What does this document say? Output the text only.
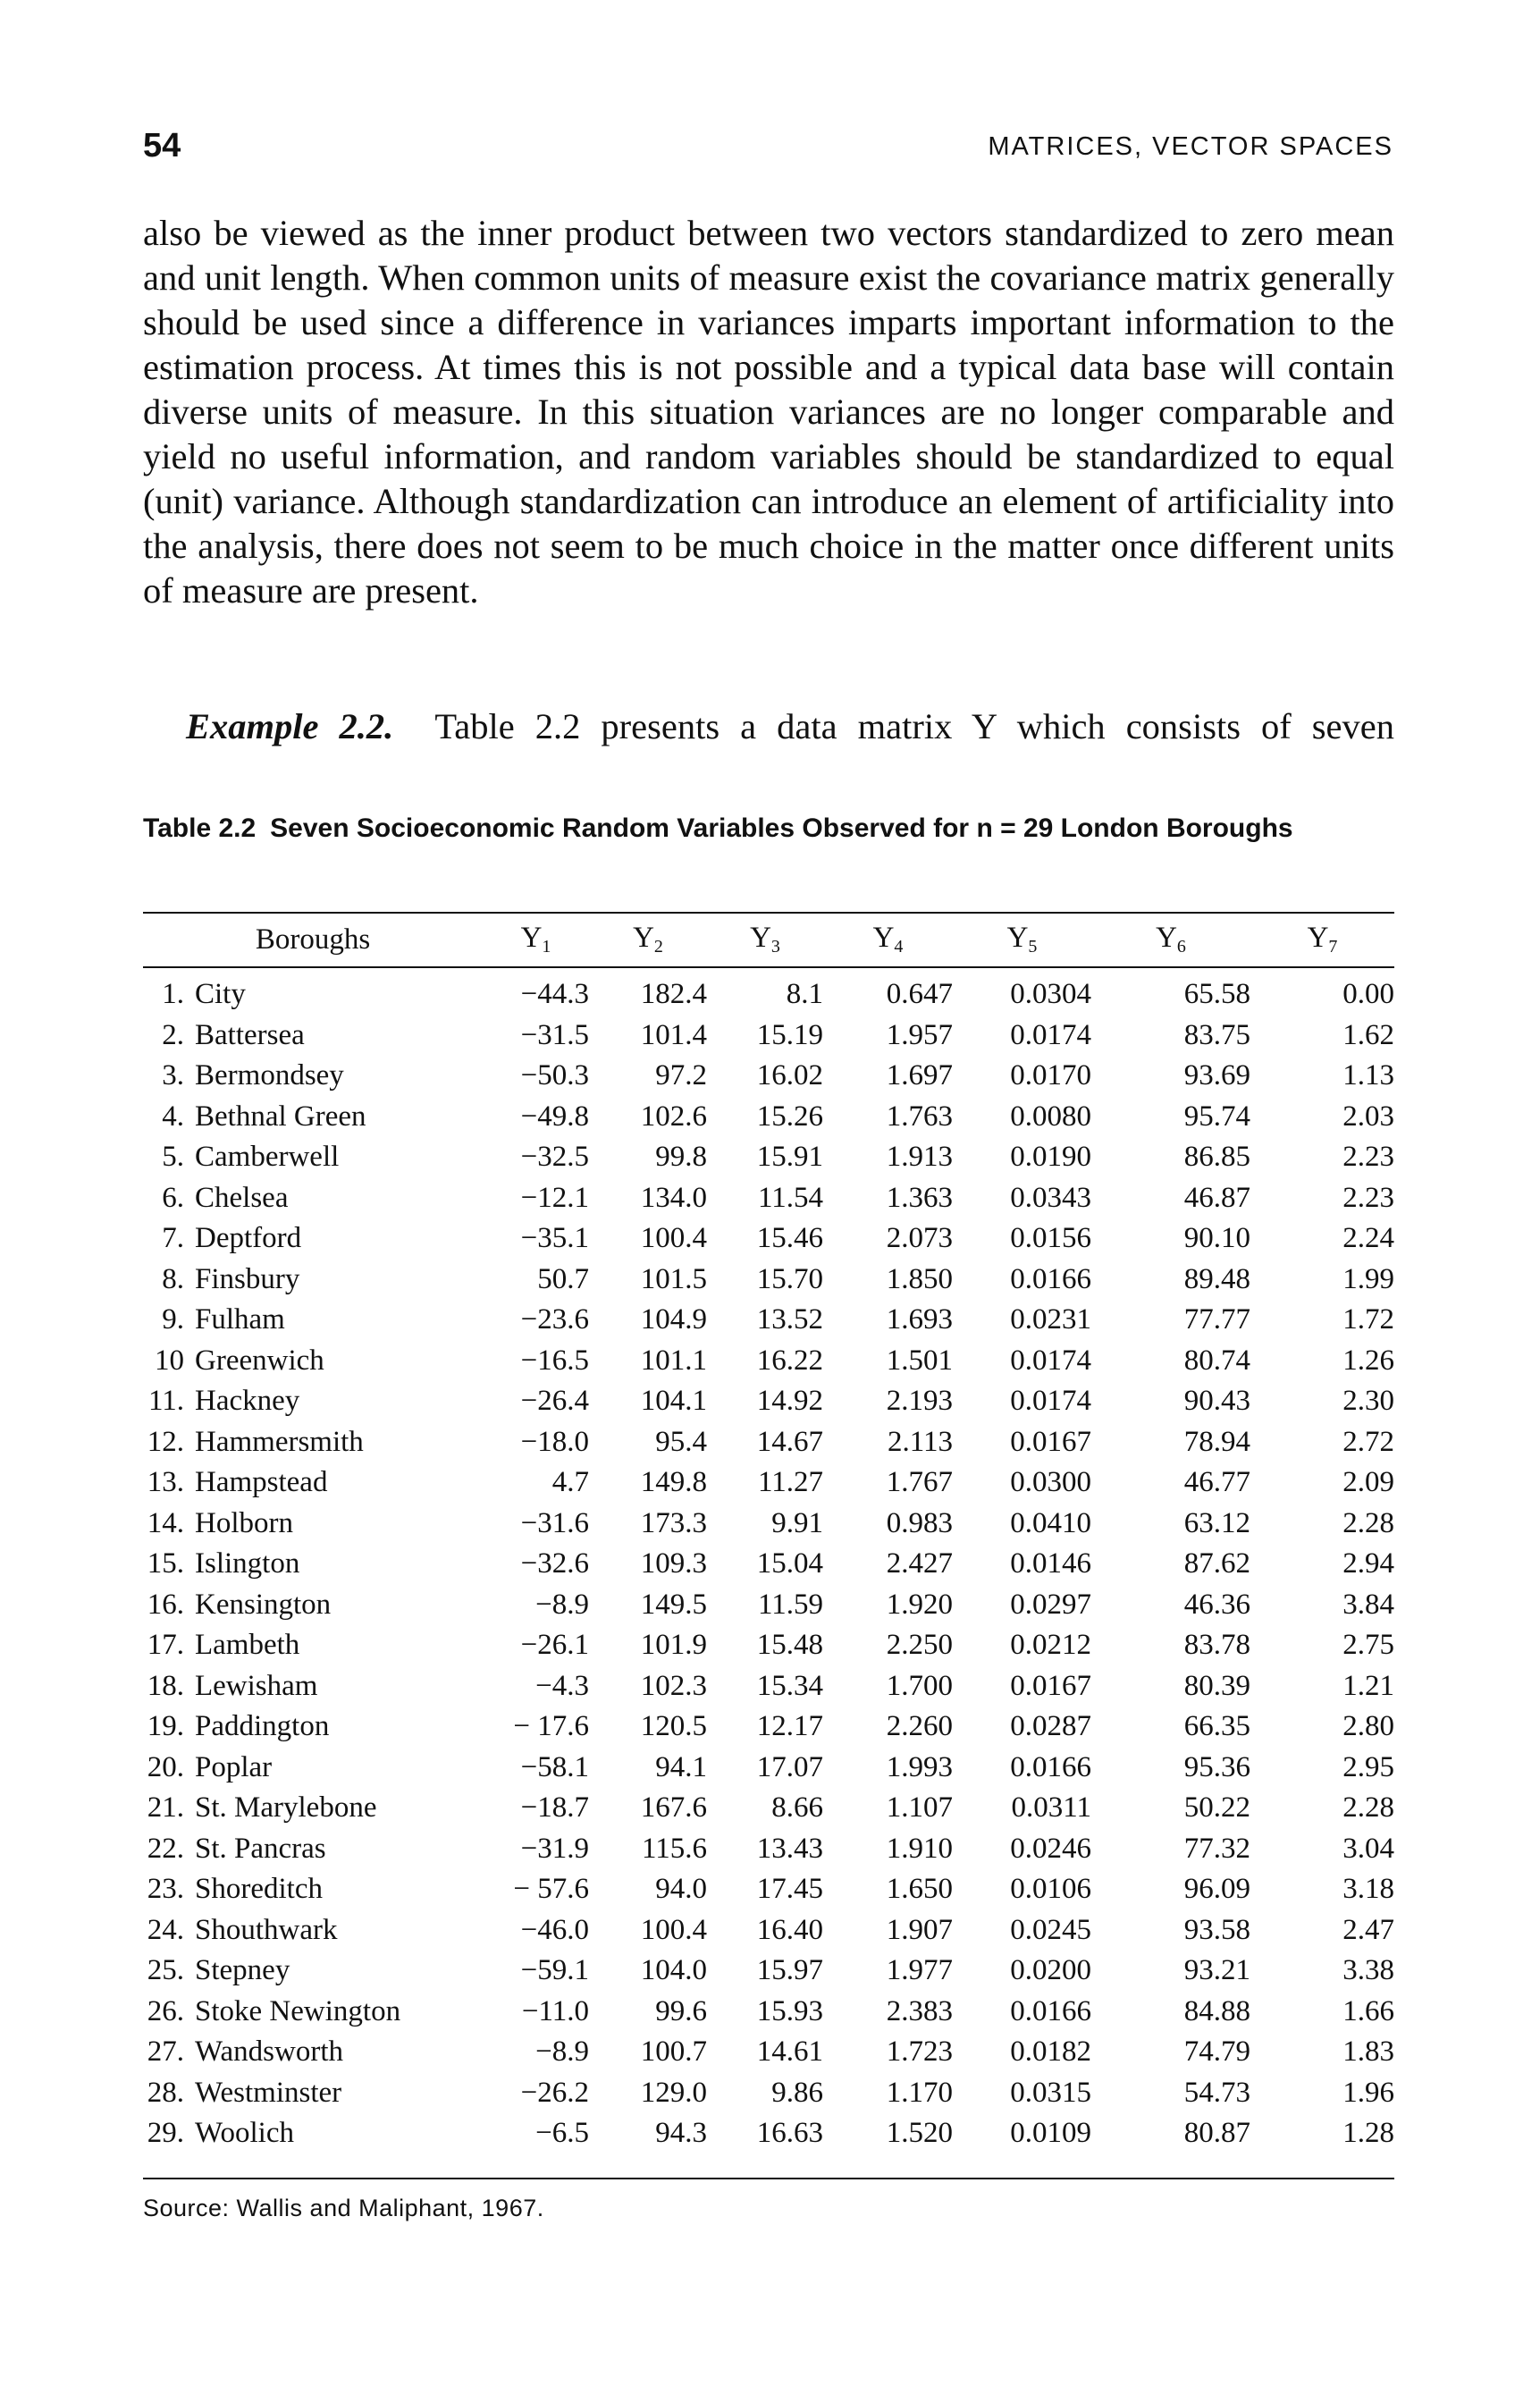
54	MATRICES, VECTOR SPACES

also be viewed as the inner product between two vectors standardized to zero mean and unit length. When common units of measure exist the covariance matrix generally should be used since a difference in variances imparts important information to the estimation process. At times this is not possible and a typical data base will contain diverse units of measure. In this situation variances are no longer comparable and yield no useful information, and random variables should be standardized to equal (unit) variance. Although standardization can introduce an element of artificiality into the analysis, there does not seem to be much choice in the matter once different units of measure are present.

Example 2.2. Table 2.2 presents a data matrix Y which consists of seven

Table 2.2 Seven Socioeconomic Random Variables Observed for n = 29 London Boroughs
Boroughs		$Y_1$	$Y_2$	$Y_3$	$Y_4$	$Y_5$	$Y_6$	$Y_7$
1.	City	−44.3	182.4	8.1	0.647	0.0304	65.58	0.00
2.	Battersea	−31.5	101.4	15.19	1.957	0.0174	83.75	1.62
3.	Bermondsey	−50.3	97.2	16.02	1.697	0.0170	93.69	1.13
4.	Bethnal Green	−49.8	102.6	15.26	1.763	0.0080	95.74	2.03
5.	Camberwell	−32.5	99.8	15.91	1.913	0.0190	86.85	2.23
6.	Chelsea	−12.1	134.0	11.54	1.363	0.0343	46.87	2.23
7.	Deptford	−35.1	100.4	15.46	2.073	0.0156	90.10	2.24
8.	Finsbury	50.7	101.5	15.70	1.850	0.0166	89.48	1.99
9.	Fulham	−23.6	104.9	13.52	1.693	0.0231	77.77	1.72
10	Greenwich	−16.5	101.1	16.22	1.501	0.0174	80.74	1.26
11.	Hackney	−26.4	104.1	14.92	2.193	0.0174	90.43	2.30
12.	Hammersmith	−18.0	95.4	14.67	2.113	0.0167	78.94	2.72
13.	Hampstead	4.7	149.8	11.27	1.767	0.0300	46.77	2.09
14.	Holborn	−31.6	173.3	9.91	0.983	0.0410	63.12	2.28
15.	Islington	−32.6	109.3	15.04	2.427	0.0146	87.62	2.94
16.	Kensington	−8.9	149.5	11.59	1.920	0.0297	46.36	3.84
17.	Lambeth	−26.1	101.9	15.48	2.250	0.0212	83.78	2.75
18.	Lewisham	−4.3	102.3	15.34	1.700	0.0167	80.39	1.21
19.	Paddington	− 17.6	120.5	12.17	2.260	0.0287	66.35	2.80
20.	Poplar	−58.1	94.1	17.07	1.993	0.0166	95.36	2.95
21.	St. Marylebone	−18.7	167.6	8.66	1.107	0.0311	50.22	2.28
22.	St. Pancras	−31.9	115.6	13.43	1.910	0.0246	77.32	3.04
23.	Shoreditch	− 57.6	94.0	17.45	1.650	0.0106	96.09	3.18
24.	Shouthwark	−46.0	100.4	16.40	1.907	0.0245	93.58	2.47
25.	Stepney	−59.1	104.0	15.97	1.977	0.0200	93.21	3.38
26.	Stoke Newington	−11.0	99.6	15.93	2.383	0.0166	84.88	1.66
27.	Wandsworth	−8.9	100.7	14.61	1.723	0.0182	74.79	1.83
28.	Westminster	−26.2	129.0	9.86	1.170	0.0315	54.73	1.96
29.	Woolich	−6.5	94.3	16.63	1.520	0.0109	80.87	1.28
Source: Wallis and Maliphant, 1967.
